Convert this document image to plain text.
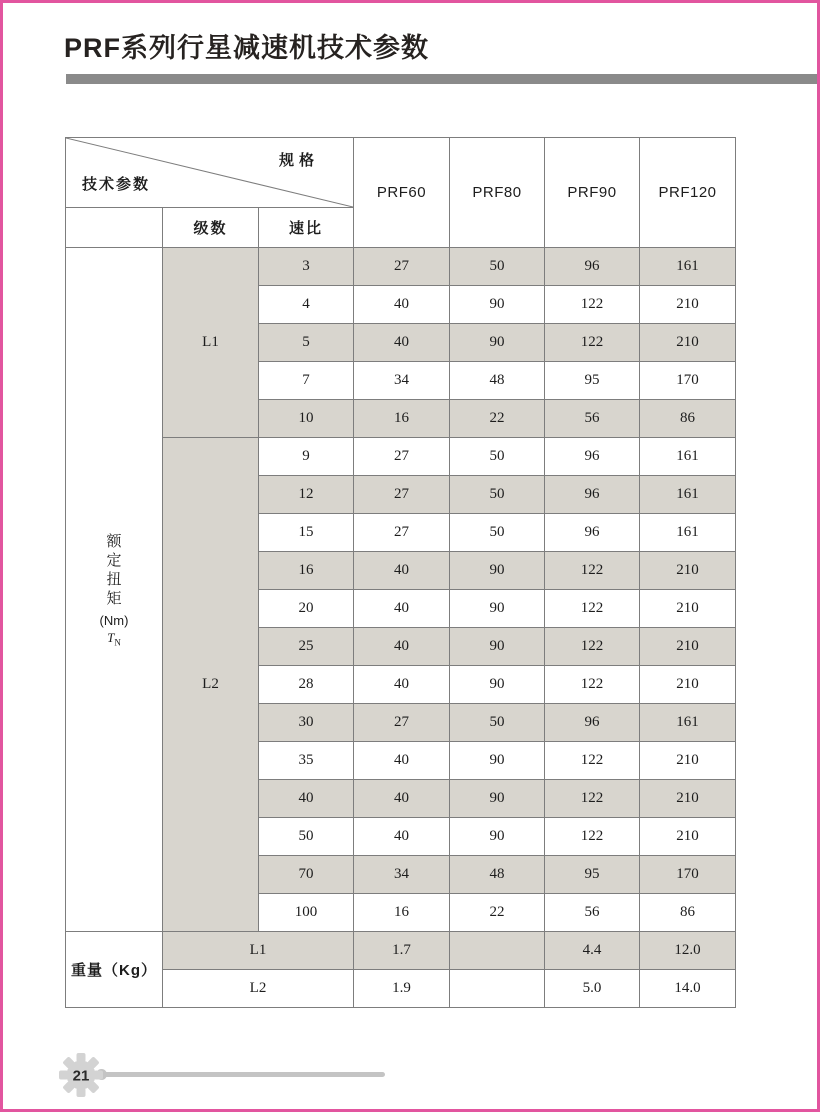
PRF系列行星减速机技术参数
规格
技术参数			PRF60	PRF80	PRF90	PRF120
	级数	速比				

额
定
扭
矩
(Nm)
$T_N$
	L1	3	27	50	96	161
		4	40	90	122	210
		5	40	90	122	210
		7	34	48	95	170
		10	16	22	56	86
	L2	9	27	50	96	161
		12	27	50	96	161
		15	27	50	96	161
		16	40	90	122	210
		20	40	90	122	210
		25	40	90	122	210
		28	40	90	122	210
		30	27	50	96	161
		35	40	90	122	210
		40	40	90	122	210
		50	40	90	122	210
		70	34	48	95	170
		100	16	22	56	86
重量（Kg）	L1		1.7		4.4	12.0
	L2		1.9		5.0	14.0
21
